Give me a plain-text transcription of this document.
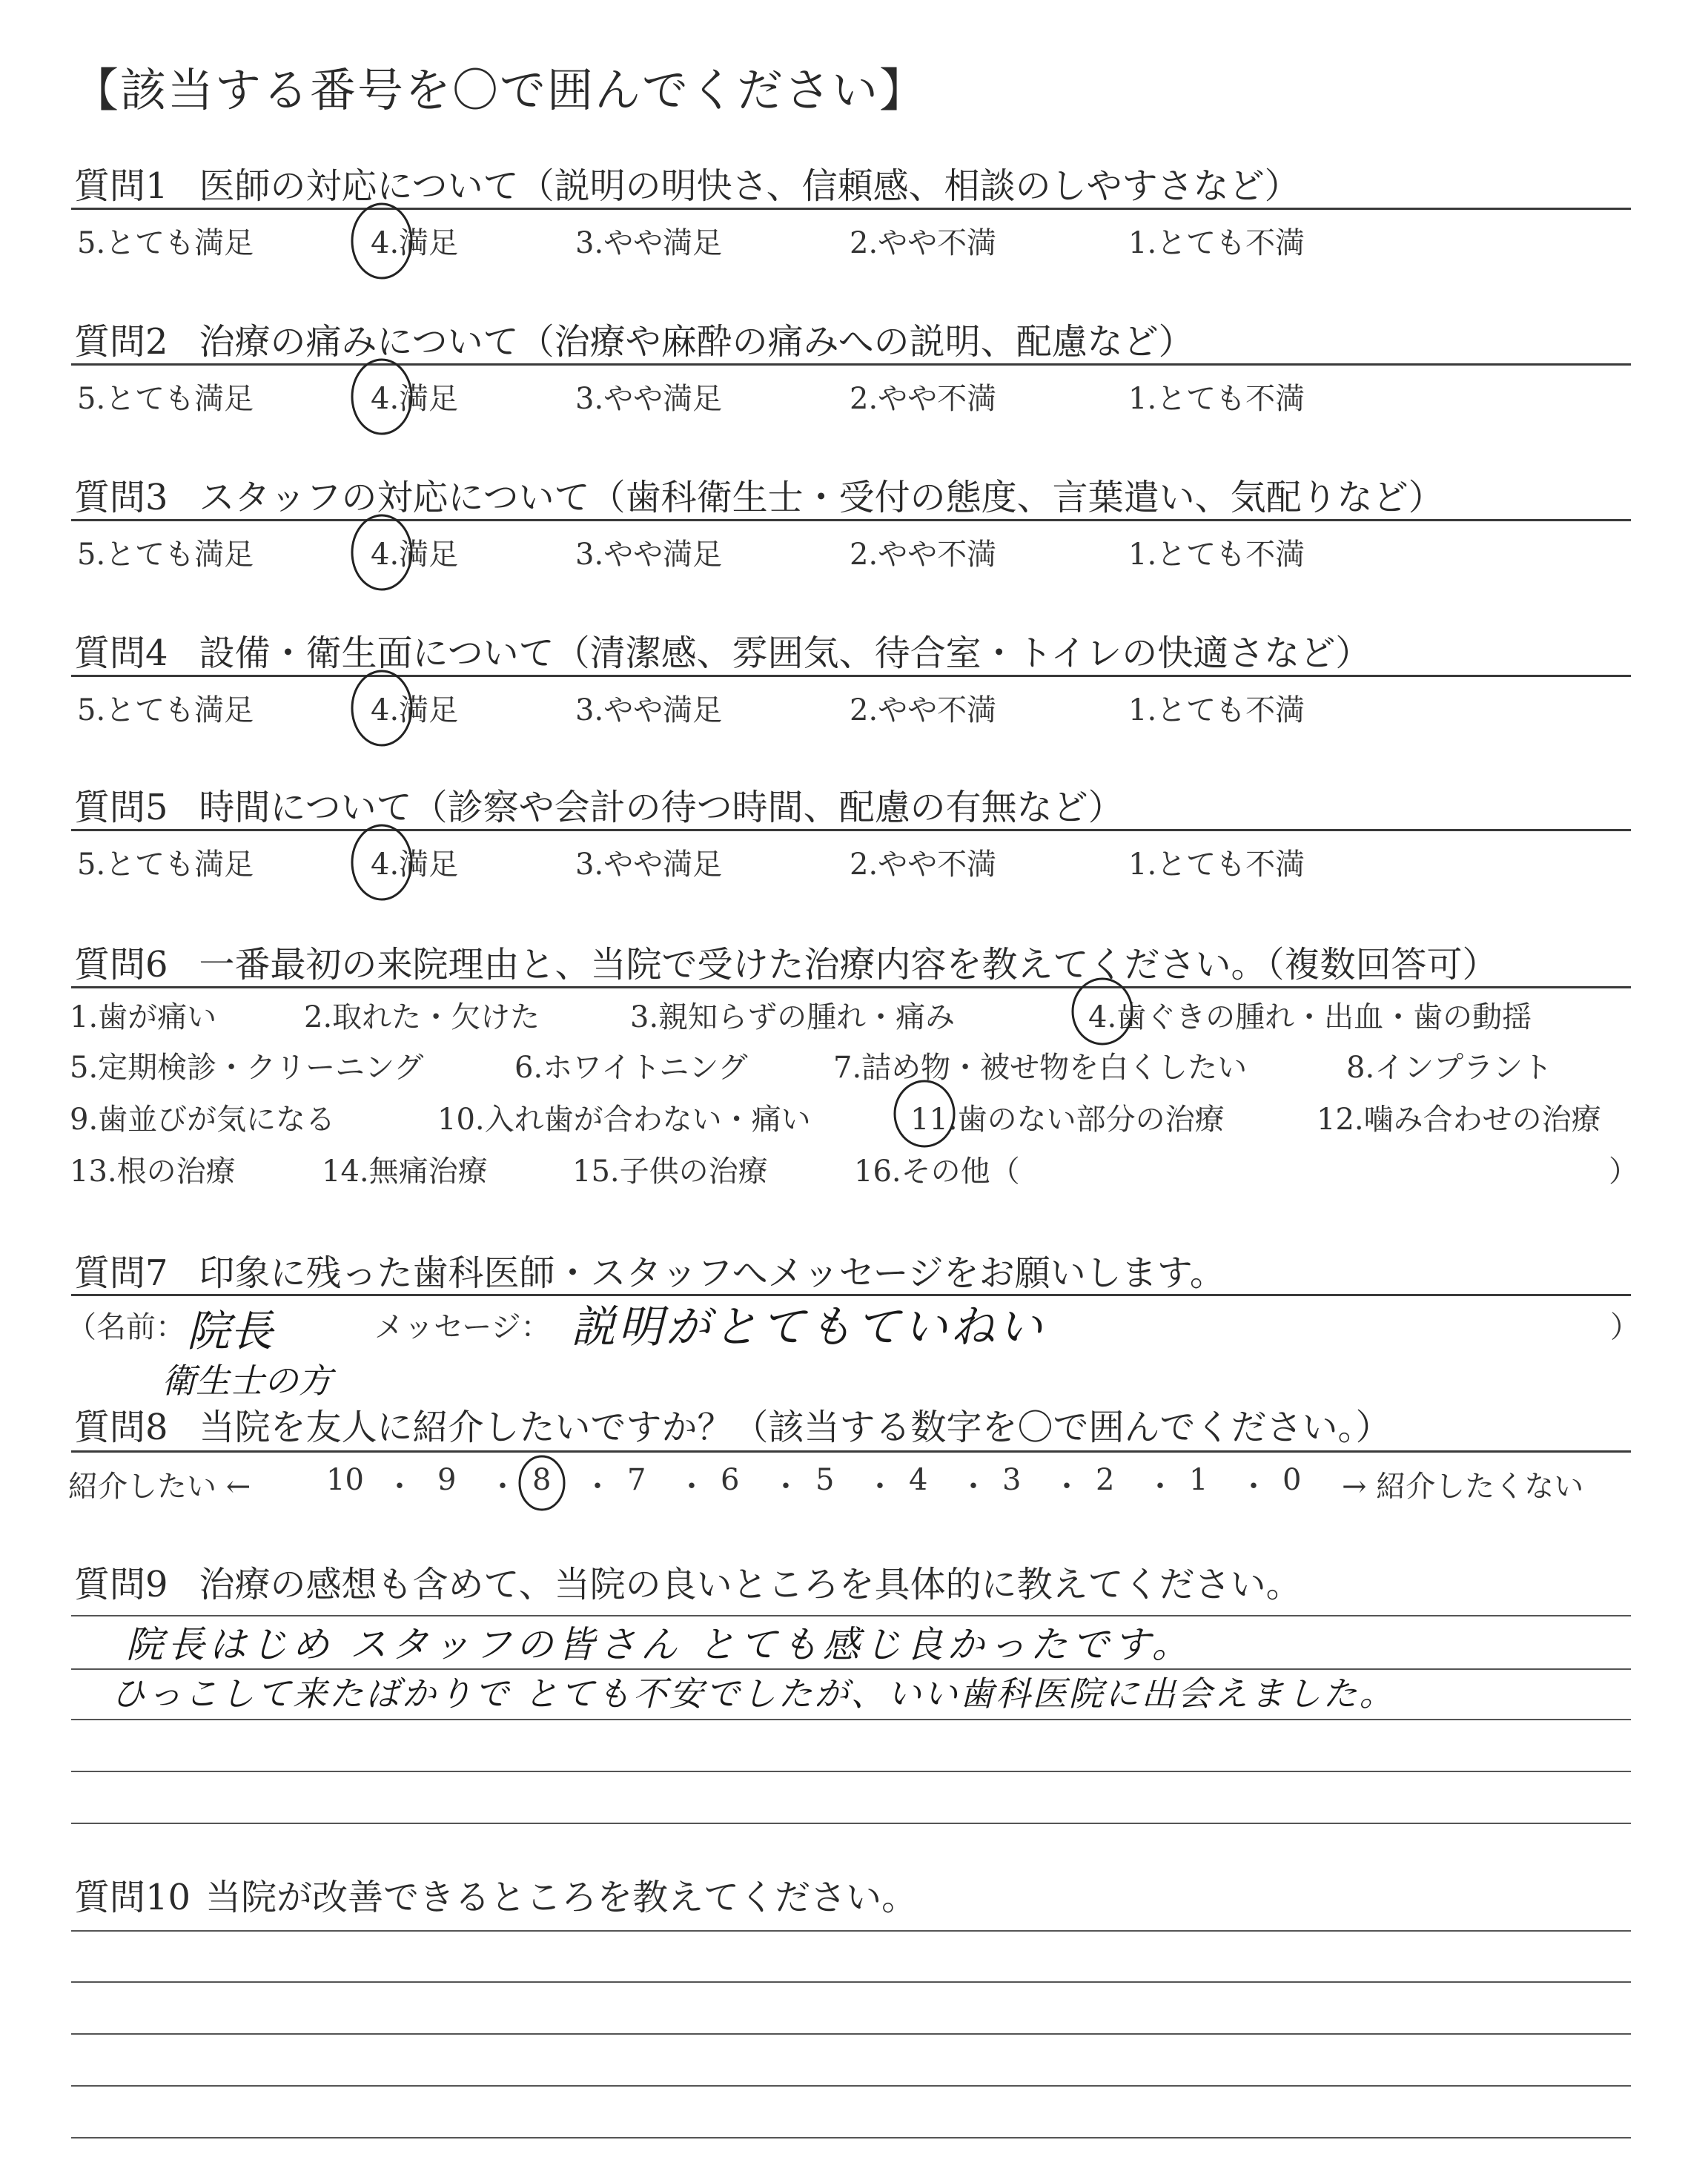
【該当する番号を〇で囲んでください】
質問1 医師の対応について（説明の明快さ、信頼感、相談のしやすさなど）
5.とても満足	4.満足	3.やや満足	2.やや不満	1.とても不満
質問2 治療の痛みについて（治療や麻酔の痛みへの説明、配慮など）
5.とても満足	4.満足	3.やや満足	2.やや不満	1.とても不満
質問3 スタッフの対応について（歯科衛生士・受付の態度、言葉遣い、気配りなど）
5.とても満足	4.満足	3.やや満足	2.やや不満	1.とても不満
質問4 設備・衛生面について（清潔感、雰囲気、待合室・トイレの快適さなど）
5.とても満足	4.満足	3.やや満足	2.やや不満	1.とても不満
質問5 時間について（診察や会計の待つ時間、配慮の有無など）
5.とても満足	4.満足	3.やや満足	2.やや不満	1.とても不満
質問6 一番最初の来院理由と、当院で受けた治療内容を教えてください。（複数回答可）
1.歯が痛い	2.取れた・欠けた	3.親知らずの腫れ・痛み	4.歯ぐきの腫れ・出血・歯の動揺
5.定期検診・クリーニング	6.ホワイトニング	7.詰め物・被せ物を白くしたい	8.インプラント
9.歯並びが気になる	10.入れ歯が合わない・痛い	11.歯のない部分の治療	12.噛み合わせの治療
13.根の治療	14.無痛治療	15.子供の治療	16.その他（	）
質問7 印象に残った歯科医師・スタッフへメッセージをお願いします。
（名前： 院長
衛生士の方
メッセージ： 説明がとてもていねい	）
質問8 当院を友人に紹介したいですか？（該当する数字を〇で囲んでください。）
紹介したい ←	10 ・ 9 ・ 8 ・ 7 ・ 6 ・ 5 ・ 4 ・ 3 ・ 2 ・ 1 ・ 0 → 紹介したくない
質問9 治療の感想も含めて、当院の良いところを具体的に教えてください。
院長はじめ スタッフの皆さん とても感じ良かったです。
ひっこして来たばかりで とても不安でしたが、いい歯科医院に出会えました。
質問10 当院が改善できるところを教えてください。
